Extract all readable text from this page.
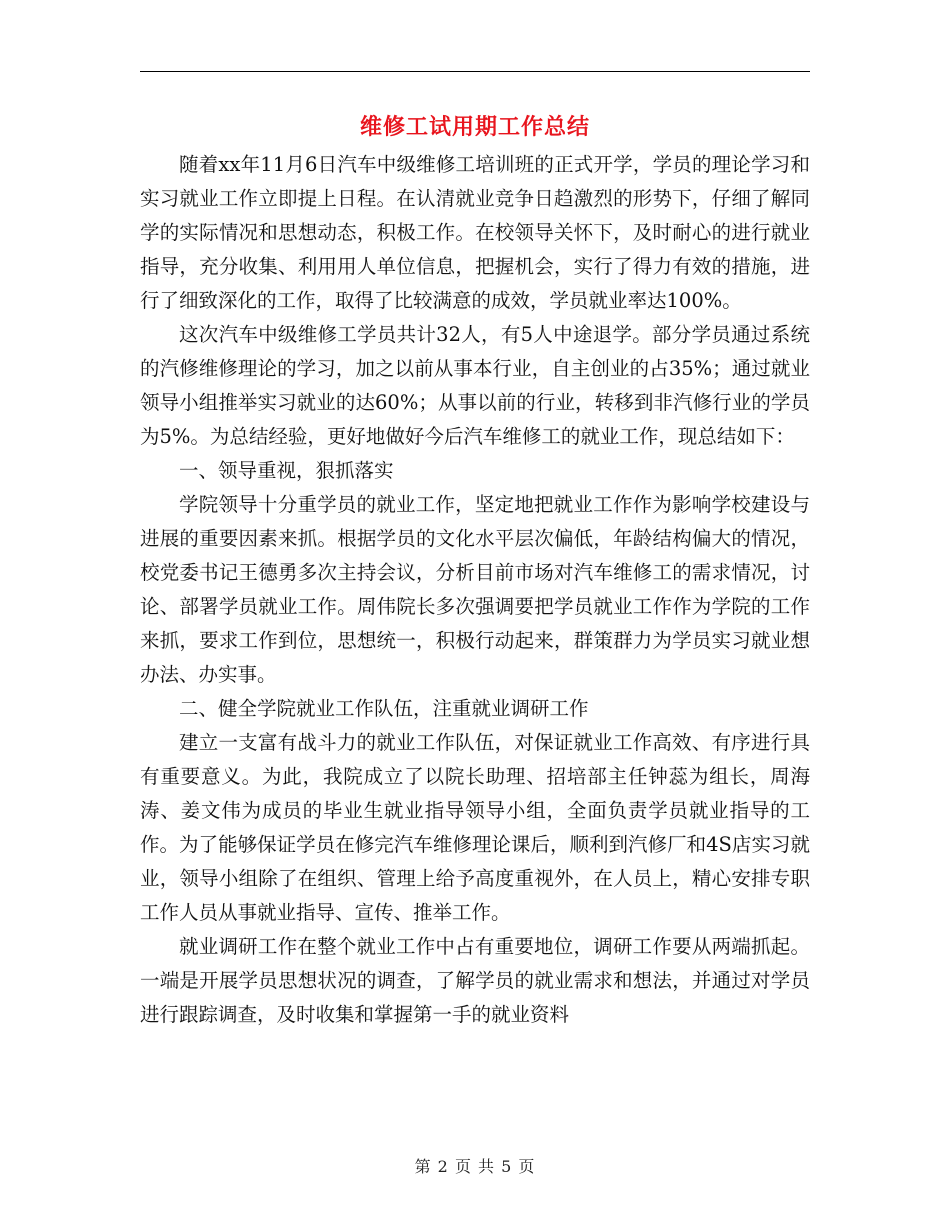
维修工试用期工作总结

随着xx年11月6日汽车中级维修工培训班的正式开学，学员的理论学习和实习就业工作立即提上日程。在认清就业竞争日趋激烈的形势下，仔细了解同学的实际情况和思想动态，积极工作。在校领导关怀下，及时耐心的进行就业指导，充分收集、利用用人单位信息，把握机会，实行了得力有效的措施，进行了细致深化的工作，取得了比较满意的成效，学员就业率达100%。

这次汽车中级维修工学员共计32人，有5人中途退学。部分学员通过系统的汽修维修理论的学习，加之以前从事本行业，自主创业的占35%；通过就业领导小组推举实习就业的达60%；从事以前的行业，转移到非汽修行业的学员为5%。为总结经验，更好地做好今后汽车维修工的就业工作，现总结如下：

一、领导重视，狠抓落实

学院领导十分重学员的就业工作，坚定地把就业工作作为影响学校建设与进展的重要因素来抓。根据学员的文化水平层次偏低，年龄结构偏大的情况，校党委书记王德勇多次主持会议，分析目前市场对汽车维修工的需求情况，讨论、部署学员就业工作。周伟院长多次强调要把学员就业工作作为学院的工作来抓，要求工作到位，思想统一，积极行动起来，群策群力为学员实习就业想办法、办实事。

二、健全学院就业工作队伍，注重就业调研工作

建立一支富有战斗力的就业工作队伍，对保证就业工作高效、有序进行具有重要意义。为此，我院成立了以院长助理、招培部主任钟蕊为组长，周海涛、姜文伟为成员的毕业生就业指导领导小组，全面负责学员就业指导的工作。为了能够保证学员在修完汽车维修理论课后，顺利到汽修厂和4S店实习就业，领导小组除了在组织、管理上给予高度重视外，在人员上，精心安排专职工作人员从事就业指导、宣传、推举工作。

就业调研工作在整个就业工作中占有重要地位，调研工作要从两端抓起。一端是开展学员思想状况的调查，了解学员的就业需求和想法，并通过对学员进行跟踪调查，及时收集和掌握第一手的就业资料

第 2 页 共 5 页
